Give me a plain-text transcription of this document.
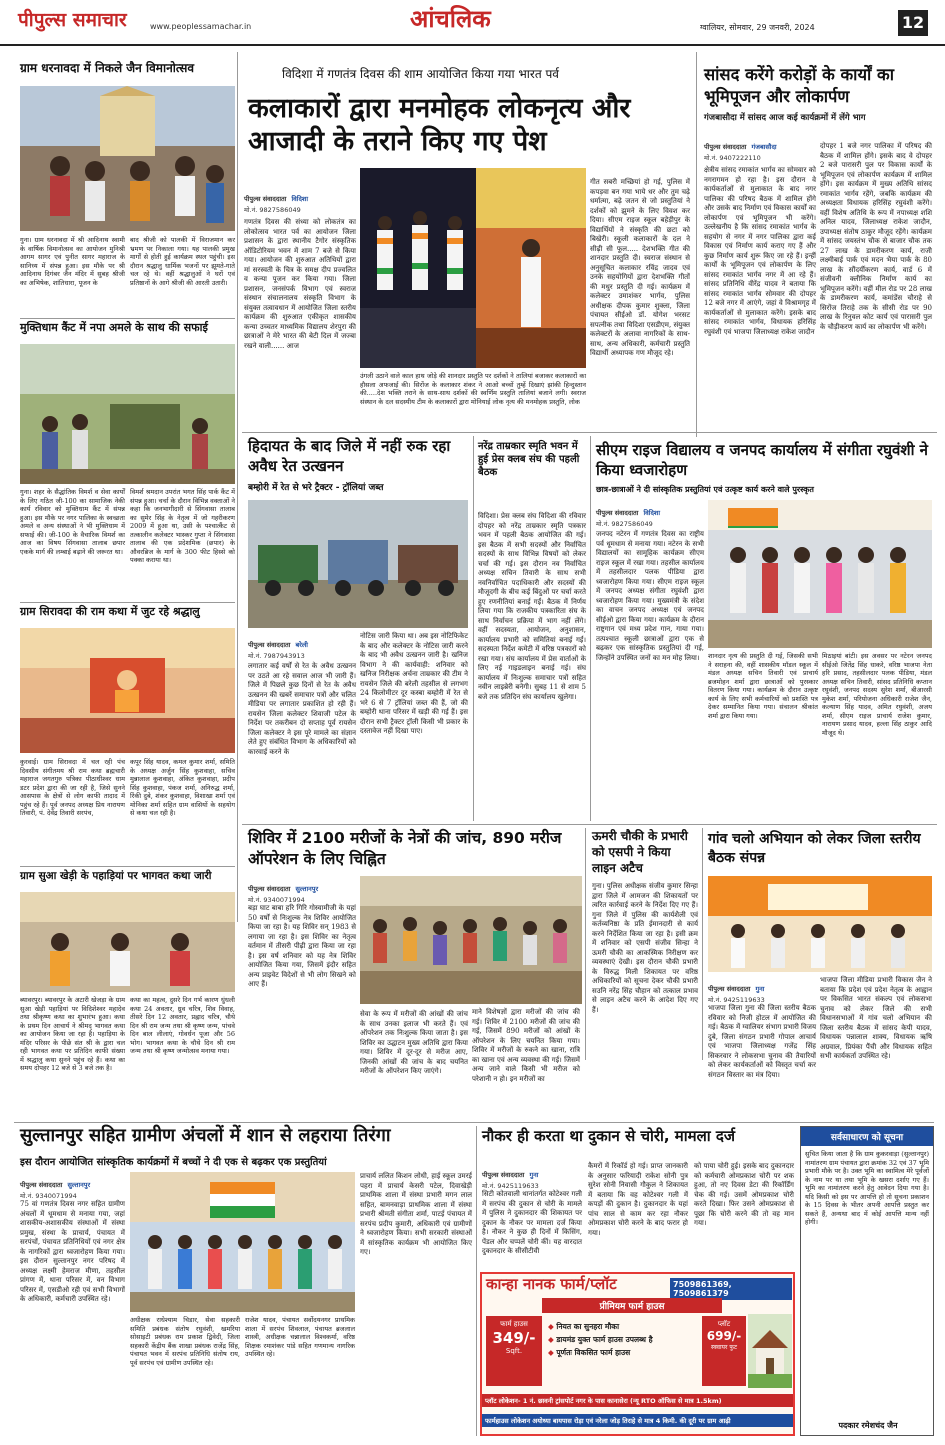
पीपुल्स समाचार	www.peoplessamachar.in	आंचलिक	ग्वालियर, सोमवार, 29 जनवरी, 2024	12
ग्राम धरनावदा में निकले जैन विमानोत्सव
गुना। ग्राम धरनावदा में श्री आदिनाथ स्वामी के वार्षिक विमानोत्सव का आयोजन मुनिश्री आगम सागर एवं पुनीत सागर महाराज के सानिध्य में संपन्न हुआ। इस मौके पर श्री आदिनाथ दिगंबर जैन मंदिर में सुबह श्रीजी का अभिषेक, शांतिधारा, पूजन के
बाद श्रीजी को पालकी में विराजमान कर भ्रमण पर निकाला गया। यह पालकी प्रमुख मार्गों से होती हुई कार्यक्रम स्थल पहुंची। इस दौरान श्रद्धालु धार्मिक भजनों पर झूमते-गाते चल रहे थे। वहीं श्रद्धालुओं ने घरों एवं प्रतिष्ठानों के आगे श्रीजी की आरती उतारी।
मुक्तिधाम कैंट में नपा अमले के साथ की सफाई
गुना। शहर के सैद्धांतिक विमर्श व सेवा कार्यों के लिए गठित जी-100 का सामाजिक नेकी कार्य रविवार को मुक्तिधाम कैंट में संपन्न हुआ। इस मौके पर नगर पालिका के स्वच्छता अमले व अन्य संस्थाओं ने भी मुक्तिधाम में सफाई की। जी-100 के वैचारिक विमर्श का आज का विषय सिंगवासा तालाब छपार एकके मार्ग की लम्बाई बढ़ाने की जरूरत था।
विमर्श श्रमदान उपरांत भगत सिंह पार्क कैंट में संपन्न हुआ। चर्चा के दौरान विभिन्न वक्ताओं ने कहा कि जनभागीदारी से सिंगवासा तालाब का सुमेर सिंह के नेतृत्व में जो गहरीकरण 2009 में हुआ था, उसी के पश्चात्कैंट से तत्कालीन कलेक्टर भास्कर गुप्ता ने सिंगवासा तालाब की एक प्रदेशमिक (छपार) के औवरब्रिज के मार्ग के 300 फीट हिस्से को पक्का कराया था।
ग्राम सिरावदा की राम कथा में जुट रहे श्रद्धालु
कुरवाई। ग्राम सिरावदा में चल रही पंच दिवसीय संगीतमय श्री राम कथा ब्रह्मचारी महाराज जगतगुरु पत्रिका पीठाधीश्वर धाम डटर प्रदेश द्वारा की जा रही है, जिसे सुनने आसपास के क्षेत्रों से लोग काफी तादाद में पहुंच रहे हैं। पूर्व जनपद अध्यक्ष प्रिय नारायण तिवारी, पं. देवेंद्र तिवारी सरपंच,
कपूर सिंह यादव, कमल कुमार शर्मा, समिति के अध्यक्ष अर्जुन सिंह कुशवाहा, सचिव मुन्नालाल कुशवाहा, अंकित कुशवाहा, प्रदीप सिंह कुशवाहा, पंकज शर्मा, अनिरुद्ध शर्मा, रिंकी दुबे, शंकर कुशवाहा, विशाखा शर्मा एवं मोनिका शर्मा सहित ग्राम वासियों के सहयोग से कथा चल रही है।
ग्राम सुआ खेड़ी के पहाड़ियां पर भागवत कथा जारी
ब्यावरपुर। ब्यावरपुर के अटारी खेजड़ा के ग्राम सुआ खेड़ी पहाड़ियां पर विदिशेश्वर महादेव तथा श्रीकृष्ण कथा का शुभारंभ हुआ। कथा के प्रथम दिन आचार्य ने श्रीमद् भागवत कथा का आयोजन किया जा रहा है। पहाड़िया के मंदिर परिसर के पीछे संत श्री के द्वारा चल रही भागवत कथा पर प्रतिदिन काफी संख्या में श्रद्धालु कथा सुनने पहुंच रहे हैं। कथा का समय दोपहर 12 बजे से 3 बजे तक है।
कथा का महत्व, दुसरे दिन गर्भ कारण धुंधली कथा 24 अवतार, ध्रुव चरित्र, शिव विवाह, तीसरे दिन 12 अवतार, प्रह्लाद चरित्र, चौथे दिन श्री राम जन्म तथा श्री कृष्ण जन्म, पांचवे दिन बाल लीलाएं, गोवर्धन पूजा और 56 भोग। भागवत कथा के चौथे दिन श्री राम जन्म तथा श्री कृष्ण जन्मोत्सव मनाया गया।
विदिशा में गणतंत्र दिवस की शाम आयोजित किया गया भारत पर्व
कलाकारों द्वारा मनमोहक लोकनृत्य और आजादी के तराने किए गए पेश
पीपुल्स संवाददाता विदिशा
मो.नं. 9827586049
गणतंत्र दिवस की संध्या को लोकतंत्र का लोकोत्सव भारत पर्व का आयोजन जिला प्रशासन के द्वारा स्थानीय टैगोर संस्कृतिक ऑडिटोरियम भवन में शाम 7 बजे से किया गया। आयोजन की शुरुआत अतिथियों द्वारा मां सरस्वती के चित्र के समक्ष दीप प्रज्वलित व कन्या पूजन कर किया गया। जिला प्रशासन, जनसंपर्क विभाग एवं स्वराज संस्थान संचालनालय संस्कृति विभाग के संयुक्त तत्वावधान में आयोजित जिला स्तरीय कार्यक्रम की शुरुआत एकीकृत शासकीय कन्या उच्चतर माध्यमिक विद्यालय शेरपुरा की छात्राओं ने मेरे भारत की बेटी दिल में जज्बा रखने वाली...... आज
उंगली उठाने वाले काल हाथ जोड़े की शानदार प्रस्तुति पर दर्शकों ने तालियां बजाकर कलाकारों का हौसला अफजाई की। सिरोंज के कलाकार शंकर ने आओ बच्चों तुम्हें दिखाएं झांकी हिन्दुस्तान की.....देश भक्ति तराने के साथ-साथ दर्शकों की स्वर्णिम प्रस्तुति तालियां बजाने लगी। स्वराज संस्थान के दल सदस्यीय टीम के कलाकारों द्वारा मोनियाई लोक नृत्य की मनमोहक प्रस्तुति, लोक
गीत सबरी मच्छियां हो गई, पुलिस में कपड़वा बन गया भाये धर और तुम चढ़े धर्मात्मा, बढ़े जतन से जो प्रस्तुतियां ने दर्शकों को झुमने के लिए विवश कर दिया। सीएम राइज स्कूल बहेड़ीपुर के विद्यार्थियों ने संस्कृति की छटा को बिखेरी। स्कूली कलाकारों के दल ने सीढ़ी सी फूल..... देशभक्ति गीत की शानदार प्रस्तुति दी। स्वराज संस्थान से अनुसूचित कलाकार रविंद्र जादव एवं उनके सहयोगियों द्वारा देशभक्ति गीतों की मधुर प्रस्तुति दी गई। कार्यक्रम में कलेक्टर उमाशंकर भार्गव, पुलिस अधीक्षक दीपक कुमार शुक्ला, जिला पंचायत सीईओ डॉ. योगेश भरसट सपत्नीक तथा विदिशा एसडीएम, संयुक्त कलेक्टरों के अलावा नागरिकों के साथ-साथ, अन्य अधिकारी, कर्मचारी प्रस्तुति विद्यार्थी अध्यापक गण मौजूद रहे।
सांसद करेंगे करोड़ों के कार्यों का भूमिपूजन और लोकार्पण
गंजबासौदा में सांसद आज कई कार्यक्रमों में लेंगे भाग
पीपुल्स संवाददाता गंजबासौदा
मो.नं. 9407222110
क्षेत्रीय सांसद रमाकांत भार्गव का सोमवार को नगरागमन हो रहा है। इस दौरान वे कार्यकर्ताओं से मुलाकात के बाद नगर पालिका की परिषद बैठक में शामिल होंगे और उसके बाद निर्माण एवं विकास कार्यों का लोकार्पण एवं भूमिपूजन भी करेंगे। उल्लेखनीय है कि सांसद रमाकांत भार्गव के सहयोग से नगर में नगर पालिका द्वारा कई विकास एवं निर्माण कार्य कराए गए हैं और कुछ निर्माण कार्य शुरू किए जा रहे हैं। इन्हीं कार्यों के भूमिपूजन एवं लोकार्पण के लिए सांसद रमाकांत भार्गव नगर में आ रहे हैं। सांसद प्रतिनिधि वीरेंद्र यादव ने बताया कि सांसद रमाकांत भार्गव सोमवार की दोपहर 12 बजे नगर में आएंगे, जहां वे विश्रामगृह में कार्यकर्ताओं से मुलाकात करेंगे। इसके बाद सांसद रमाकांत भार्गव, विधायक हरिसिंह रघुवंशी एवं भाजपा जिलाध्यक्ष राकेश जादौन
दोपहर 1 बजे नगर पालिका में परिषद की बैठक में शामिल होंगे। इसके बाद वे दोपहर 2 बजे पारासरी पुल पर विकास कार्यों के भूमिपूजन एवं लोकार्पण कार्यक्रम में शामिल होंगे। इस कार्यक्रम में मुख्य अतिथि सांसद रमाकांत भार्गव रहेंगे, जबकि कार्यक्रम की अध्यक्षता विधायक हरिसिंह रघुवंशी करेंगे। वहीं विशेष अतिथि के रूप में नपाध्यक्ष शशि अनिल यादव, जिलाध्यक्ष राकेश जादौन, उपाध्यक्ष संतोष ठाकुर मौजूद रहेंगे। कार्यक्रम में सांसद जयस्तंभ चौक से बाजार चौक तक 27 लाख के डामरीकरण कार्य, राजी लक्ष्मीबाई पार्क एवं मदन भैया पार्क के 80 लाख के सौंदर्यीकरण कार्य, वार्ड 6 में संजीवनी क्लीनिक निर्माण कार्य का भूमिपूजन करेंगे। वहीं मील रोड पर 28 लाख के डामरीकरण कार्य, कमांडेंस चौराहे से सिरोंज तिराहे तक के सीसी रोड पर 90 लाख के रिनुवल कोट कार्य एवं पारासरी पुल के चौड़ीकरण कार्य का लोकार्पण भी करेंगे।
हिदायत के बाद जिले में नहीं रुक रहा अवैध रेत उत्खनन
बम्होरी में रेत से भरे ट्रैक्टर - ट्रॉलियां जब्त
पीपुल्स संवाददाता बरेली
मो.नं. 7987943913
लगातार कई वर्षों से रेत के अवैध उत्खनन पर उठते आ रहे सवाल आज भी जारी हैं। जिले में पिछले कुछ दिनों से रेत के अवैध उत्खनन की खबरें समाचार पत्रों और चलित मीडिया पर लगातार प्रकाशित हो रही हैं। रायसेन जिला कलेक्टर शिवाजी पटेल के निर्देश पर तकरीबन दो सप्ताह पूर्व रायसेन जिला कलेक्टर ने इस पूरे मामले का संज्ञान लेते हुए संबंधित विभाग के अधिकारियों को कारवाई करने के
नोटिस जारी किया था। अब इस नोटिफिकेट के बाद और कलेक्टर के नोटिस जारी करने के बाद भी अवैध उत्खनन जारी है। खनिज विभाग ने की कार्यवाही: शनिवार को खनिज निरीक्षक अर्चना ताम्रकार की टीम ने रायसेन जिले की बरेली तहसील से लगभग 24 किलोमीटर दूर कस्बा बम्होरी में रेत से भरे 6 से 7 ट्रॉलियां जब्त की हैं, जो की बम्होरी थाना परिसर में खड़ी की गई हैं। इस दौरान सभी ट्रैक्टर ट्रॉली किसी भी प्रकार के दस्तावेज नहीं दिखा पाए।
नरेंद्र ताम्रकार स्मृति भवन में हुई प्रेस क्लब संघ की पहली बैठक
विदिशा। प्रेस क्लब संघ विदिशा की रविवार दोपहर को नरेंद्र ताम्रकार स्मृति पत्रकार भवन में पहली बैठक आयोजित की गई। इस बैठक में सभी सदस्यों और निर्वाचित सदस्यों के साथ विभिन्न विषयों को लेकर चर्चा की गई। इस दौरान नव निर्वाचित अध्यक्ष सचिन तिवारी के साथ सभी नवनिर्वाचित पदाधिकारी और सदस्यों की मौजूदगी के बीच कई बिंदुओं पर चर्चा करते हुए रणनीतियां बनाई गईं। बैठक में निर्णय लिया गया कि राजकीय पत्रकारिता संघ के साथ निर्वाचन प्रक्रिया में भाग नहीं लेंगे। वहीं सदस्यता, आयोजन, अनुशासन, कार्यालय प्रभारी को समितियां बनाई गईं। सदस्यता निर्देश कमेटी में वरिष्ठ पत्रकारों को रखा गया। संघ कार्यालय में प्रेस वार्ताओं के लिए नई गाइडलाइन बनाई गई। संघ कार्यालय में निःशुल्क समाचार पत्रों सहित नवीन लाइब्रेरी बनेगी। सुबह 11 से शाम 5 बजे तक प्रतिदिन संघ कार्यालय खुलेगा।
सीएम राइज विद्यालय व जनपद कार्यालय में संगीता रघुवंशी ने किया ध्वजारोहण
छात्र-छात्राओं ने दी सांस्कृतिक प्रस्तुतियां एवं उत्कृष्ट कार्य करने वाले पुरस्कृत
पीपुल्स संवाददाता विदिशा
मो.नं. 9827586049
जनपद नटेरन में गणतंत्र दिवस का राष्ट्रीय पर्व धूमधाम से मनाया गया। नटेरन के सभी विद्यालयों का सामूहिक कार्यक्रम सीएम राइज स्कूल में रखा गया। तहसील कार्यालय में तहसीलदार पलक पीडिया द्वारा ध्वजारोहण किया गया। सीएम राइज स्कूल में जनपद अध्यक्ष संगीता रघुवंशी द्वारा ध्वजारोहण किया गया। मुख्यमंत्री के संदेश का वाचन जनपद अध्यक्ष एवं जनपद सीईओ द्वारा किया गया। कार्यक्रम के दौरान राष्ट्रगान एवं मध्य प्रदेश गान, गाया गया। तत्पश्चात स्कूली छात्राओं द्वारा एक से बढ़कर एक सांस्कृतिक प्रस्तुतियां दी गई, जिन्होंने उपस्थित जनों का मन मोह लिया।	शानदार नृत्य की प्रस्तुति दी गई, जिसकी सभी ने सराहना की, वहीं शासकीय मॉडल स्कूल में मंडल अध्यक्ष सचिन तिवारी एवं प्राचार्य ब्रजमोहन शर्मा द्वारा छात्राओं को पुरस्कार वितरण किया गया। कार्यक्रम के दौरान उत्कृष्ट कार्य के लिए सभी कर्मचारियों को प्रशस्ति पत्र देकर सम्मानित किया गया। संचालन श्रीकांत शर्मा द्वारा किया गया।
मिठाइयां बांटी। इस अवसर पर नटेरन जनपद सीईओ जितेंद्र सिंह धाकरे, वरिष्ठ भाजपा नेता हरि प्रसाद, तहसीलदार पलक पीडिया, मंडल अध्यक्ष सचिन तिवारी, सांसद प्रतिनिधि कप्तान रघुवंशी, जनपद सदस्य सुरेश शर्मा, बीआरसी मुकेश शर्मा, परियोजना अधिकारी राजेश जैन, कल्याण सिंह यादव, अमित रघुवंशी, अजय शर्मा, सीएम राइज प्राचार्य राजेश कुमार, नारायण प्रसाद यादव, हल्ला सिंह ठाकुर आदि मौजूद थे।
शिविर में 2100 मरीजों के नेत्रों की जांच, 890 मरीज ऑपरेशन के लिए चिह्नित
पीपुल्स संवाददाता सुल्तानपुर
मो.नं. 9340071994
बड़ा घाट बाबा हरि गिरि गोस्वामीजी के यहां 50 वर्षों से निःशुल्क नेत्र शिविर आयोजित किया जा रहा है। यह शिविर सन् 1983 से लगाया जा रहा है। इस शिविर का नेतृत्व वर्तमान में तीसरी पीढ़ी द्वारा किया जा रहा है। इस वर्ष शनिवार को यह नेत्र शिविर आयोजित किया गया, जिसमें इंदौर सहित अन्य प्राइवेट विदेशों से भी लोग सिखने को आए हैं।
सेवा के रूप में मरीजों की आंखों की जांच के साथ उनका इलाज भी करते हैं। एवं ऑपरेशन तक निःशुल्क किया जाता है। इस शिविर का उद्घाटन मुख्य अतिथि द्वारा किया गया। शिविर में दूर-दूर से मरीज आए, जिनकी आंखों की जांच के बाद चयनित मरीजों के ऑपरेशन किए जाएंगे।
माने विशेषज्ञों द्वारा मरीजों की जांच की गई। शिविर में 2100 मरीजों की जांच की गई, जिसमें 890 मरीजों को आंखों के ऑपरेशन के लिए चयनित किया गया। शिविर में मरीजों के रुकने का खाना, रात्रि का खाना एवं अन्य व्यवस्था की गई। जिसमें अन्य जाने वाले किसी भी मरीज को परेशानी न हो। इन मरीजों का
ऊमरी चौकी के प्रभारी को एसपी ने किया लाइन अटैच
गुना। पुलिस अधीक्षक संजीव कुमार सिन्हा द्वारा जिले में आमजन की शिकायतों पर त्वरित कार्रवाई करने के निर्देश दिए गए हैं। गुना जिले में पुलिस की कार्यशैली एवं कर्तव्यनिष्ठा के प्रति ईमानदारी से कार्य करने निर्देशित किया जा रहा है। इसी क्रम में शनिवार को एसपी संजीव सिन्हा ने ऊमरी चौकी का आकस्मिक निरीक्षण कर व्यवस्थाएं देखी। इस दौरान चौकी प्रभारी के विरुद्ध मिली शिकायत पर वरिष्ठ अधिकारियों को सूचना देकर चौकी प्रभारी सउनि नरेंद्र सिंह चौहान को तत्काल प्रभाव से लाइन अटैच करने के आदेश दिए गए हैं।
गांव चलो अभियान को लेकर जिला स्तरीय बैठक संपन्न
पीपुल्स संवाददाता गुना
मो.नं. 9425119633
भाजपा जिला गुना की जिला स्तरीय बैठक रविवार को निजी होटल में आयोजित की गई। बैठक में ग्वालियर संभाग प्रभारी विजय दुबे, जिला संगठन प्रभारी गोपाल आचार्य एवं भाजपा जिलाध्यक्ष गजेंद्र सिंह सिकरवार ने लोकसभा चुनाव की तैयारियों को लेकर कार्यकर्ताओं को विस्तृत चर्चा कर संगठन विस्तार का मंत्र दिया।
भाजपा जिला मीडिया प्रभारी विकास जैन ने बताया कि प्रदेश एवं प्रदेश नेतृत्व के आह्वान पर विकसित भारत संकल्प एवं लोकसभा चुनाव को लेकर जिले की सभी विधानसभाओं में गांव चलो अभियान की जिला स्तरीय बैठक में सांसद केपी यादव, विधायक पन्नालाल शाक्य, विधायक ऋषि अग्रवाल, प्रियंका पैंची और विधायक सहित सभी कार्यकर्ता उपस्थित रहे।
सुल्तानपुर सहित ग्रामीण अंचलों में शान से लहराया तिरंगा
इस दौरान आयोजित सांस्कृतिक कार्यक्रमों में बच्चों ने दी एक से बढ़कर एक प्रस्तुतियां
पीपुल्स संवाददाता सुल्तानपुर
मो.नं. 9340071994
75 वां गणतंत्र दिवस नगर सहित ग्रामीण अंचलों में धूमधाम से मनाया गया, जहां शासकीय-अशासकीय संस्थाओं में संस्था प्रमुख, संस्था के प्राचार्य, पंचायत में सरपंचों, पंचायत प्रतिनिधियों एवं नगर क्षेत्र के नागरिकों द्वारा ध्वजारोहण किया गया। इस दौरान सुल्तानपुर नगर परिषद में अध्यक्ष लक्ष्मी हेमराज मीणा, तहसील प्रांगण में, थाना परिसर में, वन विभाग परिसर में, एसडीओ रही एवं सभी विभागों के अधिकारी, कर्मचारी उपस्थित रहे।
अधीक्षक राधेश्याम चिडार, सेवा सहकारी समिति प्रबंधक संतोष रघुवंशी, खमरिया सोसाइटी प्रबंधक राम प्रकाश द्विवेदी, जिला सहकारी केंद्रीय बैंक शाखा प्रबंधक राजेंद्र सिंह, पंचायत भवन में सरपंच प्रतिनिधि संतोष राय, पूर्व सरपंच एवं ग्रामीण उपस्थित रहे।
राजेश यादव, पंचायत सर्वोदयनगर प्राथमिक शाला में सरपंच शिवलाल, पंचायत ब्रजलाल शास्त्री, अधीक्षक चन्नालाल विश्वकर्मा, वरिष्ठ शिक्षक रमाशंकर पांडे सहित गणमान्य नागरिक उपस्थित रहे।
प्राचार्य ललित किशन लोधी, हाई स्कूल उमरई पहरा में प्राचार्य केसरी पटेल, दिवाखेड़ी प्राथमिक शाला में संस्था प्रभारी मगन लाल सहित, बामनवाड़ा प्राथमिक शाला में संस्था प्रभारी श्रीमती संगीता शर्मा, पाटई पंचायत में सरपंच प्रदीप कुमारी, अधिकारी एवं ग्रामीणों ने ध्वजारोहण किया। सभी सरकारी संस्थाओं में सांस्कृतिक कार्यक्रम भी आयोजित किए गए।
नौकर ही करता था दुकान से चोरी, मामला दर्ज
पीपुल्स संवाददाता गुना
मो.नं. 9425119633
सिटी कोतवाली थानांतर्गत कोटेश्वर गली में सरपंच की दुकान से चोरी के मामले में पुलिस ने दुकानदार की शिकायत पर दुकान के नौकर पर मामला दर्ज किया है। नौकर ने कुछ ही दिनों में किसिंग, पेंडल और चप्पलें चोरी कीं। यह वारदात दुकानदार के सीसीटीवी
कैमरों में रिकॉर्ड हो गई। प्राप्त जानकारी के अनुसार फरियादी राकेश सोनी पुत्र सुरेश सोनी निवासी गौकुल ने शिकायत में बताया कि वह कोटेश्वर गली में कपड़ों की दुकान है। दुकानदार के यहां पांच साल से काम कर रहा नौकर ओमप्रकाश चोरी करने के बाद फरार हो गया।
को पाया चोरी हुई। इसके बाद दुकानदार को कर्मचारी ओमप्रकाश चोरी पर शक हुआ, तो नए दिवस डेटा की रिकॉर्डिंग चेक की गई। उसमें ओमप्रकाश चोरी करते दिखा। फिर उसने ओमप्रकाश से पूछा कि चोरी करने की तो वह मान गया।
कान्हा नानक फार्म/प्लॉट	7509861369, 7509861379
प्रीमियम फार्म हाउस
फार्म हाउस
349/-
Sqft.
◆ नियत का सुनहरा मौका
◆ डायमंड युक्त फार्म हाउस उपलब्ध है
◆ पूर्णतः विकसित फार्म हाउस
प्लॉट
699/-
स्क्वायर फुट
प्लॉट लोकेशन- 1 नं. छावनी ट्रांसपोर्ट नगर के पास कानासेरा (न्यू RTO ऑफिस से मात्र 1.5km)
फार्महाउस लोकेशन अयोध्या बायपास रोड़ा एवं नरेला जोड़ तिराहे से मात्र 4 किमी. की दूरी पर ग्राम आढ़ी
सर्वसाधारण को सूचना
सुचित किया जाता है कि ग्राम कुकरवाड़ा (सुल्तानपुर) नामांतरण ग्राम पंचायत द्वारा क्रमांक 32 एवं 37 भूमि प्रभारी मौके पर है। उक्त भूमि का स्वामित्व मेरे पूर्वजों के नाम पर था तथा भूमि के खसरा दर्शाए गए हैं। भूमि का नामांतरण करने हेतु आवेदन दिया गया है। यदि किसी को इस पर आपत्ति हो तो सूचना प्रकाशन के 15 दिवस के भीतर अपनी आपत्ति प्रस्तुत कर सकते हैं, अन्यथा बाद में कोई आपत्ति मान्य नहीं होगी।
पदकार रमेशचंद जैन
